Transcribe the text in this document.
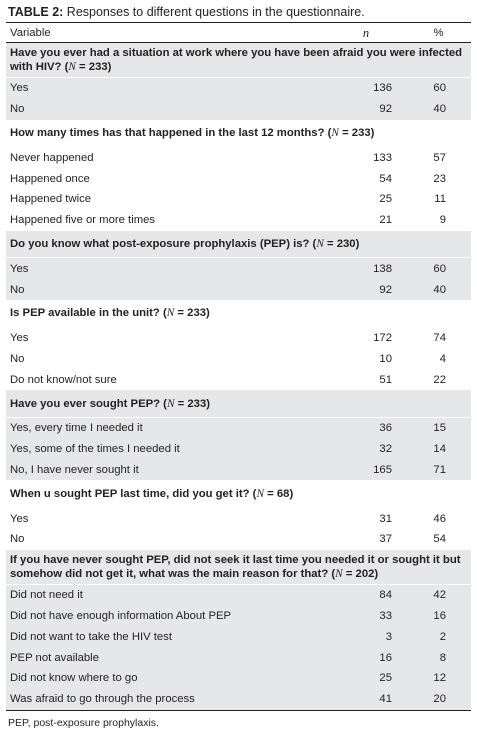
TABLE 2: Responses to different questions in the questionnaire.
Variable	n	%
Have you ever had a situation at work where you have been afraid you were infected with HIV? (N = 233)		
Yes	136	60
No	92	40
How many times has that happened in the last 12 months? (N = 233)		
Never happened	133	57
Happened once	54	23
Happened twice	25	11
Happened five or more times	21	9
Do you know what post-exposure prophylaxis (PEP) is? (N = 230)		
Yes	138	60
No	92	40
Is PEP available in the unit? (N = 233)		
Yes	172	74
No	10	4
Do not know/not sure	51	22
Have you ever sought PEP? (N = 233)		
Yes, every time I needed it	36	15
Yes, some of the times I needed it	32	14
No, I have never sought it	165	71
When u sought PEP last time, did you get it? (N = 68)		
Yes	31	46
No	37	54
If you have never sought PEP, did not seek it last time you needed it or sought it but somehow did not get it, what was the main reason for that? (N = 202)		
Did not need it	84	42
Did not have enough information About PEP	33	16
Did not want to take the HIV test	3	2
PEP not available	16	8
Did not know where to go	25	12
Was afraid to go through the process	41	20
PEP, post-exposure prophylaxis.
